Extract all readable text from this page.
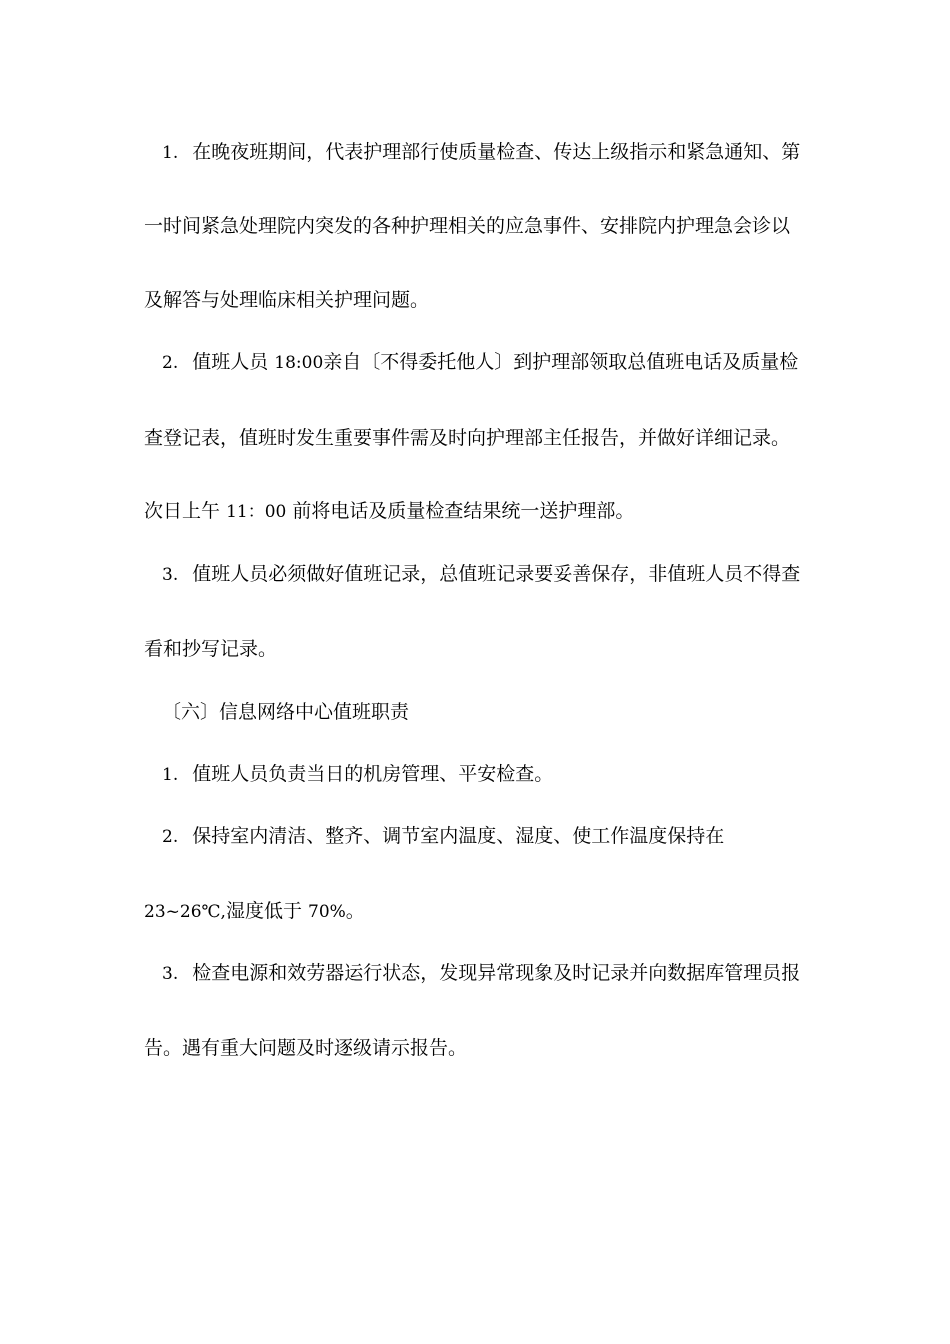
1. 在晚夜班期间，代表护理部行使质量检查、传达上级指示和紧急通知、第
一时间紧急处理院内突发的各种护理相关的应急事件、安排院内护理急会诊以
及解答与处理临床相关护理问题。
2. 值班人员 18:00亲自〔不得委托他人〕到护理部领取总值班电话及质量检
查登记表，值班时发生重要事件需及时向护理部主任报告，并做好详细记录。
次日上午 11：00 前将电话及质量检查结果统一送护理部。
3. 值班人员必须做好值班记录，总值班记录要妥善保存，非值班人员不得查
看和抄写记录。
〔六〕信息网络中心值班职责
1. 值班人员负责当日的机房管理、平安检查。
2. 保持室内清洁、整齐、调节室内温度、湿度、使工作温度保持在
23~26℃,湿度低于 70%。
3. 检查电源和效劳器运行状态，发现异常现象及时记录并向数据库管理员报
告。遇有重大问题及时逐级请示报告。
